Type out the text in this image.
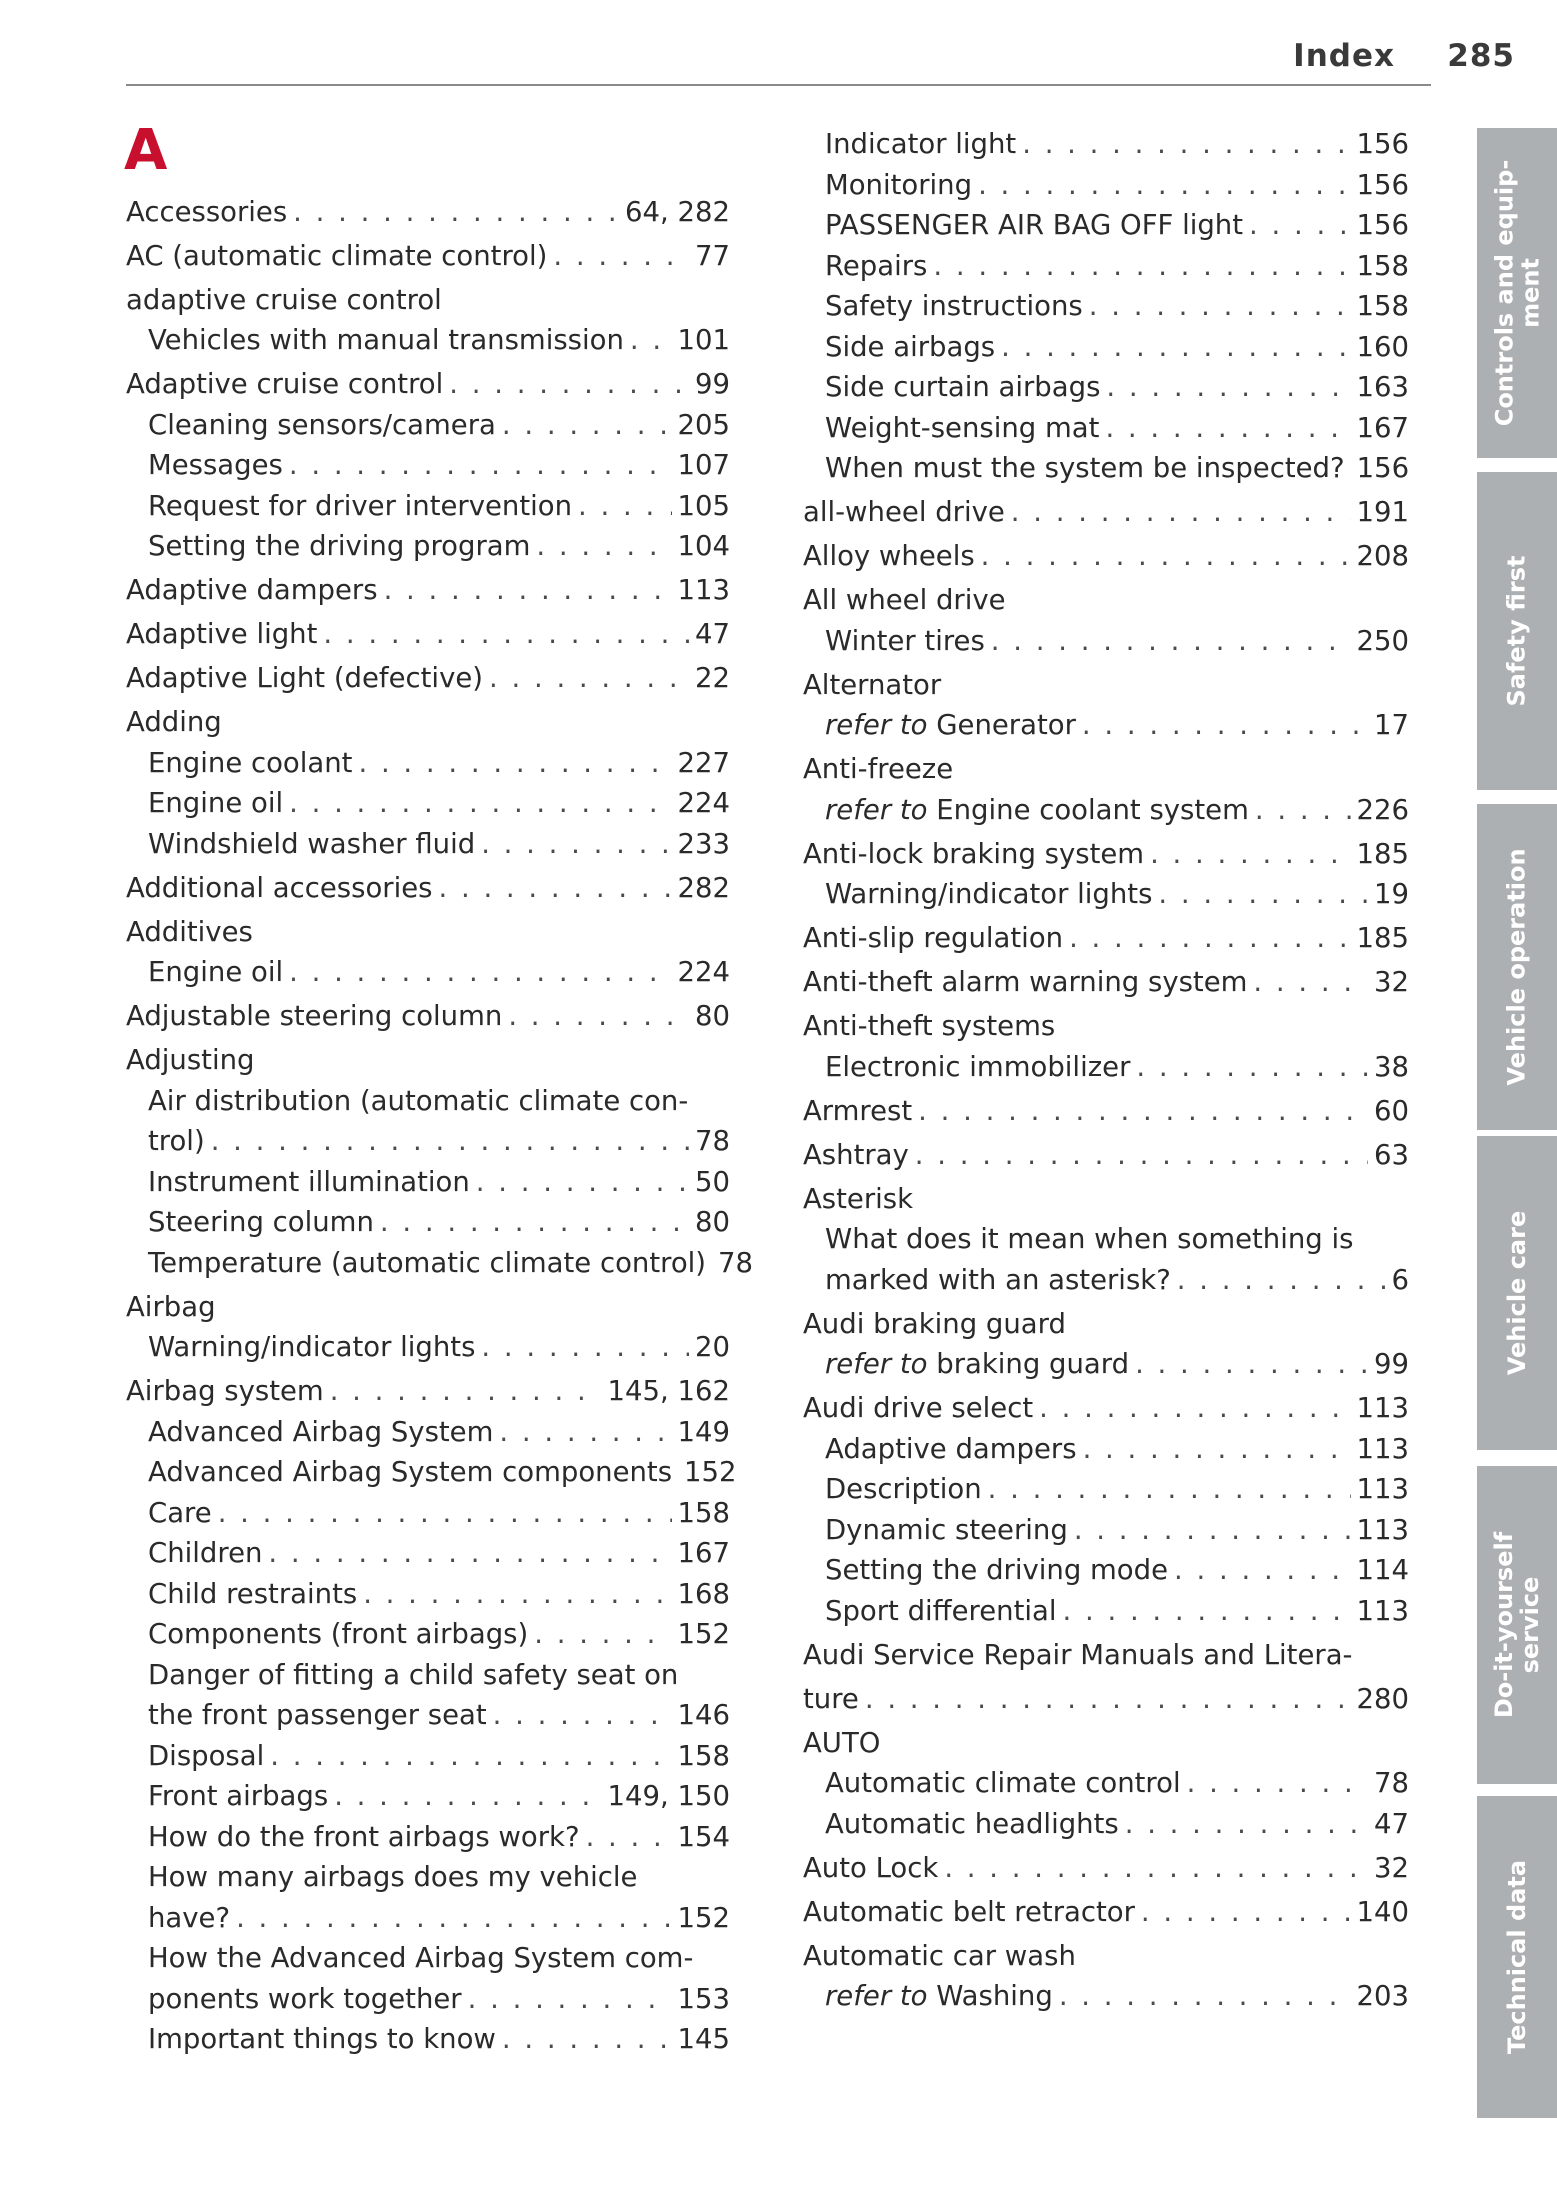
Index	285
A
Accessories . . .	64, 282
AC (automatic climate control) . . .	77
adaptive cruise control
Vehicles with manual transmission . . . 101
Adaptive cruise control . . .	99
Cleaning sensors/camera . . .	205
Messages . . .	107
Request for driver intervention . . .	105
Setting the driving program . . .	104
Adaptive dampers . . .	113
Adaptive light . . .	47
Adaptive Light (defective) . . .	22
Adding
Engine coolant . . .	227
Engine oil . . .	224
Windshield washer fluid . . .	233
Additional accessories . . .	282
Additives
Engine oil . . .	224
Adjustable steering column . . .	80
Adjusting
Air distribution (automatic climate con-
trol) . . .	78
Instrument illumination . . .	50
Steering column . . .	80
Temperature (automatic climate control) 78
Airbag
Warning/indicator lights . . .	20
Airbag system . . .	145, 162
Advanced Airbag System . . .	149
Advanced Airbag System components 152
Care . . .	158
Children . . .	167
Child restraints . . .	168
Components (front airbags) . . .	152
Danger of fitting a child safety seat on
the front passenger seat . . .	146
Disposal . . .	158
Front airbags . . .	149, 150
How do the front airbags work? . . .	154
How many airbags does my vehicle
have? . . .	152
How the Advanced Airbag System com-
ponents work together . . .	153
Important things to know . . .	145
Indicator light . . .	156
Monitoring . . .	156
PASSENGER AIR BAG OFF light . . .	156
Repairs . . .	158
Safety instructions . . .	158
Side airbags . . .	160
Side curtain airbags . . .	163
Weight-sensing mat . . .	167
When must the system be inspected? 156
all-wheel drive . . .	191
Alloy wheels . . .	208
All wheel drive
Winter tires . . .	250
Alternator
refer to Generator . . .	17
Anti-freeze
refer to Engine coolant system . . .	226
Anti-lock braking system . . .	185
Warning/indicator lights . . .	19
Anti-slip regulation . . .	185
Anti-theft alarm warning system . . .	32
Anti-theft systems
Electronic immobilizer . . .	38
Armrest . . .	60
Ashtray . . .	63
Asterisk
What does it mean when something is
marked with an asterisk? . . .	6
Audi braking guard
refer to braking guard . . .	99
Audi drive select . . .	113
Adaptive dampers . . .	113
Description . . .	113
Dynamic steering . . .	113
Setting the driving mode . . .	114
Sport differential . . .	113
Audi Service Repair Manuals and Litera-
ture . . .	280
AUTO
Automatic climate control . . .	78
Automatic headlights . . .	47
Auto Lock . . .	32
Automatic belt retractor . . .	140
Automatic car wash
refer to Washing . . .	203
Controls and equip-
ment
Safety first
Vehicle operation
Vehicle care
Do-it-yourself
service
Technical data
